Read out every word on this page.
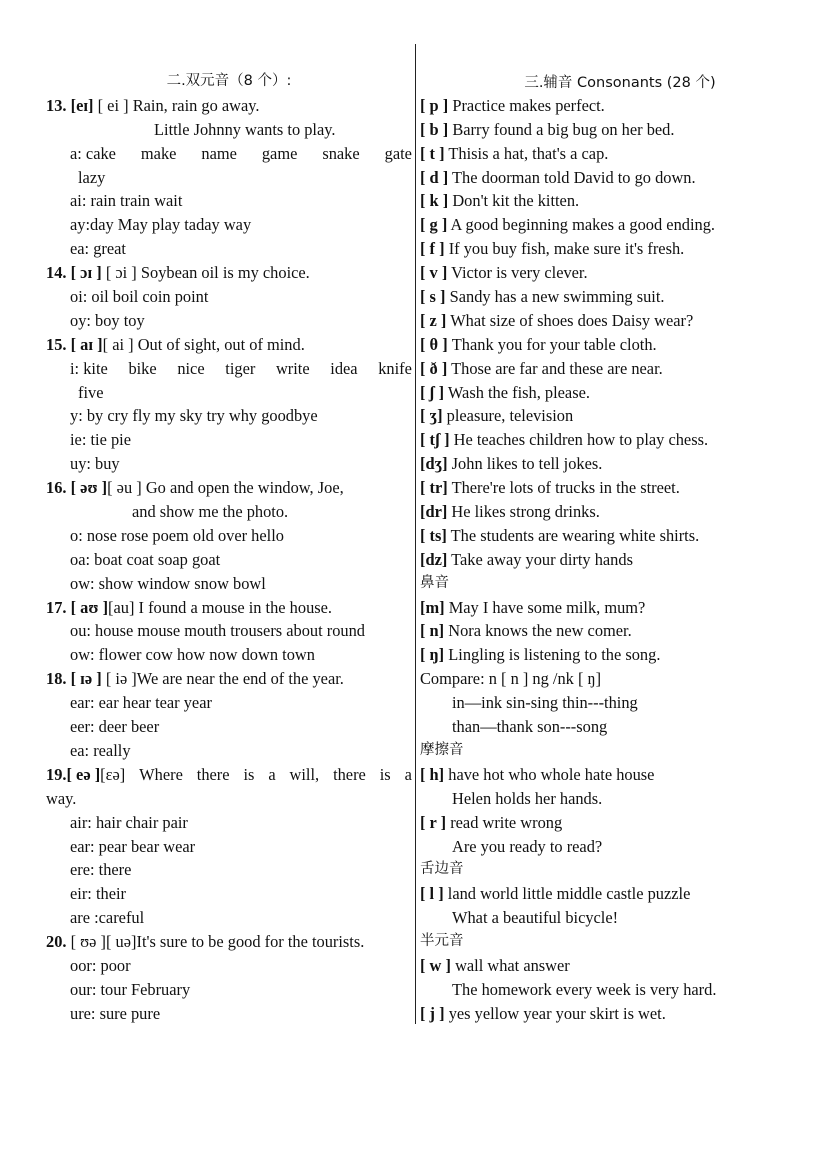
二.双元音（8 个）:
13. [eɪ] [ ei ] Rain, rain go away.
Little Johnny wants to play.
a: cake make name game snake gate
lazy
ai: rain train wait
ay:day May play taday way
ea: great
14. [ ɔɪ ] [ ɔi ] Soybean oil is my choice.
oi: oil boil coin point
oy: boy toy
15. [ aɪ ][ ai ] Out of sight, out of mind.
i: kite bike nice tiger write idea knife
five
y: by cry fly my sky try why goodbye
ie: tie pie
uy: buy
16. [ əʊ ][ əu ] Go and open the window, Joe,
and show me the photo.
o: nose rose poem old over hello
oa: boat coat soap goat
ow: show window snow bowl
17. [ aʊ ][au] I found a mouse in the house.
ou: house mouse mouth trousers about round
ow: flower cow how now down town
18. [ ɪə ] [ iə ]We are near the end of the year.
ear: ear hear tear year
eer: deer beer
ea: really
19.[ eə ][ɛə] Where there is a will, there is a
way.
air: hair chair pair
ear: pear bear wear
ere: there
eir: their
are :careful
20. [ ʊə ][ uə]It's sure to be good for the tourists.
oor: poor
our: tour February
ure: sure pure
三.辅音 Consonants (28 个)
[ p ] Practice makes perfect.
[ b ] Barry found a big bug on her bed.
[ t ] Thisis a hat, that's a cap.
[ d ] The doorman told David to go down.
[ k ] Don't kit the kitten.
[ g ] A good beginning makes a good ending.
[ f ] If you buy fish, make sure it's fresh.
[ v ] Victor is very clever.
[ s ] Sandy has a new swimming suit.
[ z ] What size of shoes does Daisy wear?
[ θ ] Thank you for your table cloth.
[ ð ] Those are far and these are near.
[ ʃ ] Wash the fish, please.
[ ʒ] pleasure, television
[ tʃ ] He teaches children how to play chess.
[dʒ] John likes to tell jokes.
[ tr] There're lots of trucks in the street.
[dr] He likes strong drinks.
[ ts] The students are wearing white shirts.
[dz] Take away your dirty hands
鼻音
[m] May I have some milk, mum?
[ n] Nora knows the new comer.
[ ŋ] Lingling is listening to the song.
Compare: n [ n ] ng /nk [ ŋ]
in—ink sin-sing thin---thing
than—thank son---song
摩擦音
[ h] have hot who whole hate house
Helen holds her hands.
[ r ] read write wrong
Are you ready to read?
舌边音
[ l ] land world little middle castle puzzle
What a beautiful bicycle!
半元音
[ w ] wall what answer
The homework every week is very hard.
[ j ] yes yellow year your skirt is wet.
